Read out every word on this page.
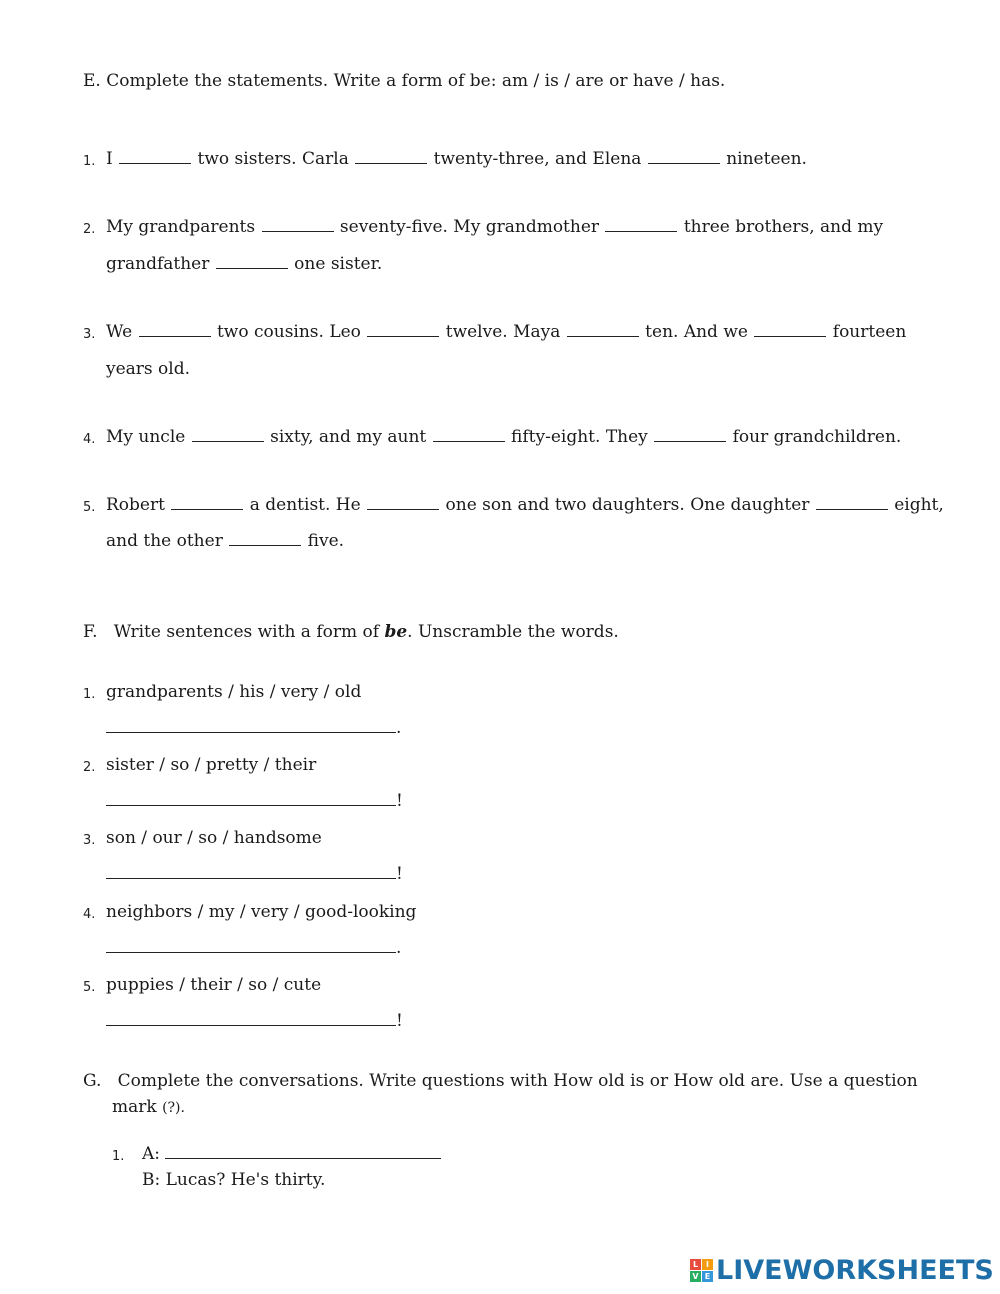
E. Complete the statements. Write a form of be: am / is / are or have / has.
1. I	two sisters. Carla	twenty-three, and Elena	nineteen.
2. My grandparents	seventy-five. My grandmother	three brothers, and my
grandfather	one sister.
3. We	two cousins. Leo	twelve. Maya	ten. And we	fourteen
years old.
4. My uncle	sixty, and my aunt	fifty-eight. They	four grandchildren.
5. Robert	a dentist. He	one son and two daughters. One daughter	eight,
and the other	five.
F. Write sentences with a form of be. Unscramble the words.
1. grandparents / his / very / old
.
2. sister / so / pretty / their
!
3. son / our / so / handsome
!
4. neighbors / my / very / good-looking
.
5. puppies / their / so / cute
!
G. Complete the conversations. Write questions with How old is or How old are. Use a question
mark (?).
1. A:
B: Lucas? He's thirty.
L I
V E LIVEWORKSHEETS
